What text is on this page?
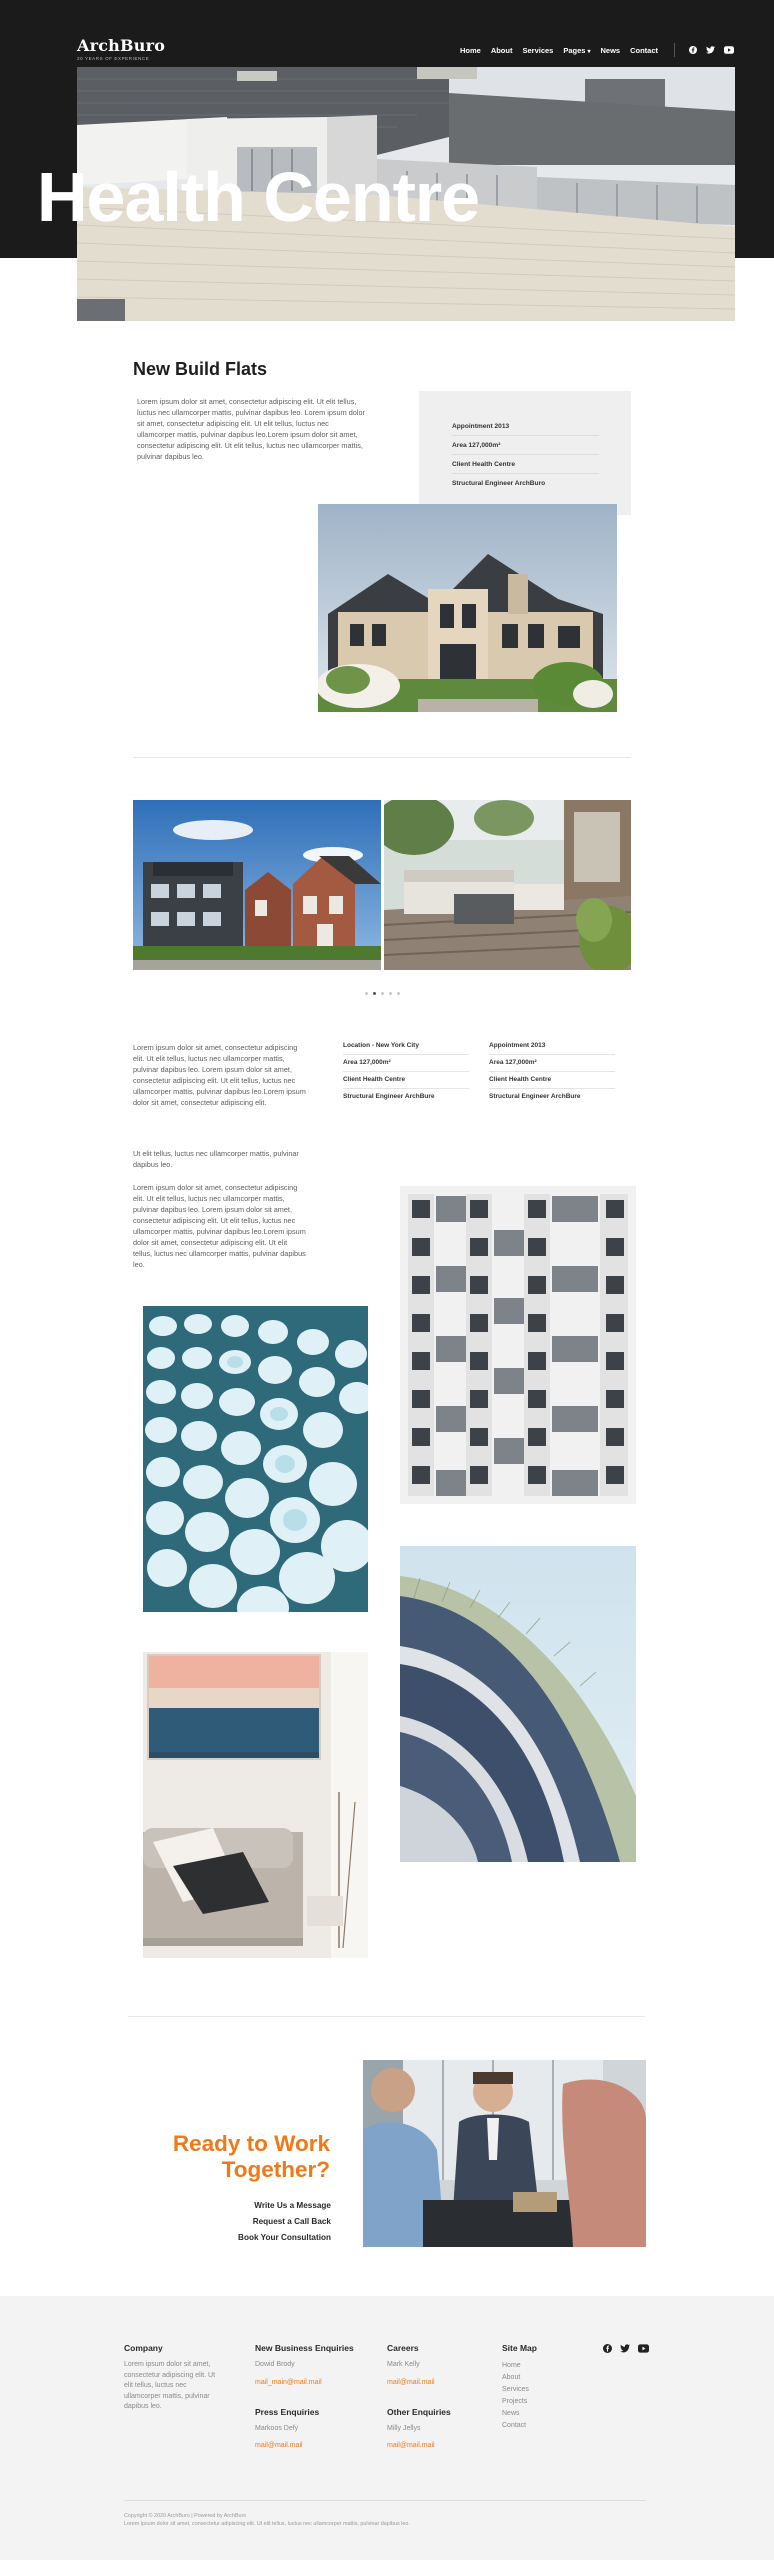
ArchBuro
20 YEARS OF EXPERIENCE
Home About Services Pages ▾ News Contact
Health Centre
New Build Flats

Lorem ipsum dolor sit amet, consectetur adipiscing elit. Ut elit tellus, luctus nec ullamcorper mattis, pulvinar dapibus leo. Lorem ipsum dolor sit amet, consectetur adipiscing elit. Ut elit tellus, luctus nec ullamcorper mattis, pulvinar dapibus leo.Lorem ipsum dolor sit amet, consectetur adipiscing elit. Ut elit tellus, luctus nec ullamcorper mattis, pulvinar dapibus leo.

Appointment 2013
Area 127,000m²
Client Health Centre
Structural Engineer ArchBuro

Lorem ipsum dolor sit amet, consectetur adipiscing elit. Ut elit tellus, luctus nec ullamcorper mattis, pulvinar dapibus leo. Lorem ipsum dolor sit amet, consectetur adipiscing elit. Ut elit tellus, luctus nec ullamcorper mattis, pulvinar dapibus leo.Lorem ipsum dolor sit amet, consectetur adipiscing elit.

Location - New York City
Area 127,000m²
Client Health Centre
Structural Engineer ArchBure
Appointment 2013
Area 127,000m²
Client Health Centre
Structural Engineer ArchBure

Ut elit tellus, luctus nec ullamcorper mattis, pulvinar dapibus leo.

Lorem ipsum dolor sit amet, consectetur adipiscing elit. Ut elit tellus, luctus nec ullamcorper mattis, pulvinar dapibus leo. Lorem ipsum dolor sit amet, consectetur adipiscing elit. Ut elit tellus, luctus nec ullamcorper mattis, pulvinar dapibus leo.Lorem ipsum dolor sit amet, consectetur adipiscing elit. Ut elit tellus, luctus nec ullamcorper mattis, pulvinar dapibus leo.

Ready to Work
Together?
Write Us a Message
Request a Call Back
Book Your Consultation
Company

Lorem ipsum dolor sit amet, consectetur adipiscing elit. Ut elit tellus, luctus nec ullamcorper mattis, pulvinar dapibus leo.

New Business Enquiries
Dowid Brody
mail_main@mail.mail
Press Enquiries
Markoos Defy
mail@mail.mail
Careers
Mark Kelly
mail@mail.mail
Other Enquiries
Milly Jellys
mail@mail.mail
Site Map
Home
About
Services
Projects
News
Contact
Copyright © 2020 ArchBuro | Powered by ArchBuro
Lorem ipsum dolor sit amet, consectetur adipiscing elit. Ut elit tellus, luctus nec ullamcorper mattis, pulvinar dapibus leo.
